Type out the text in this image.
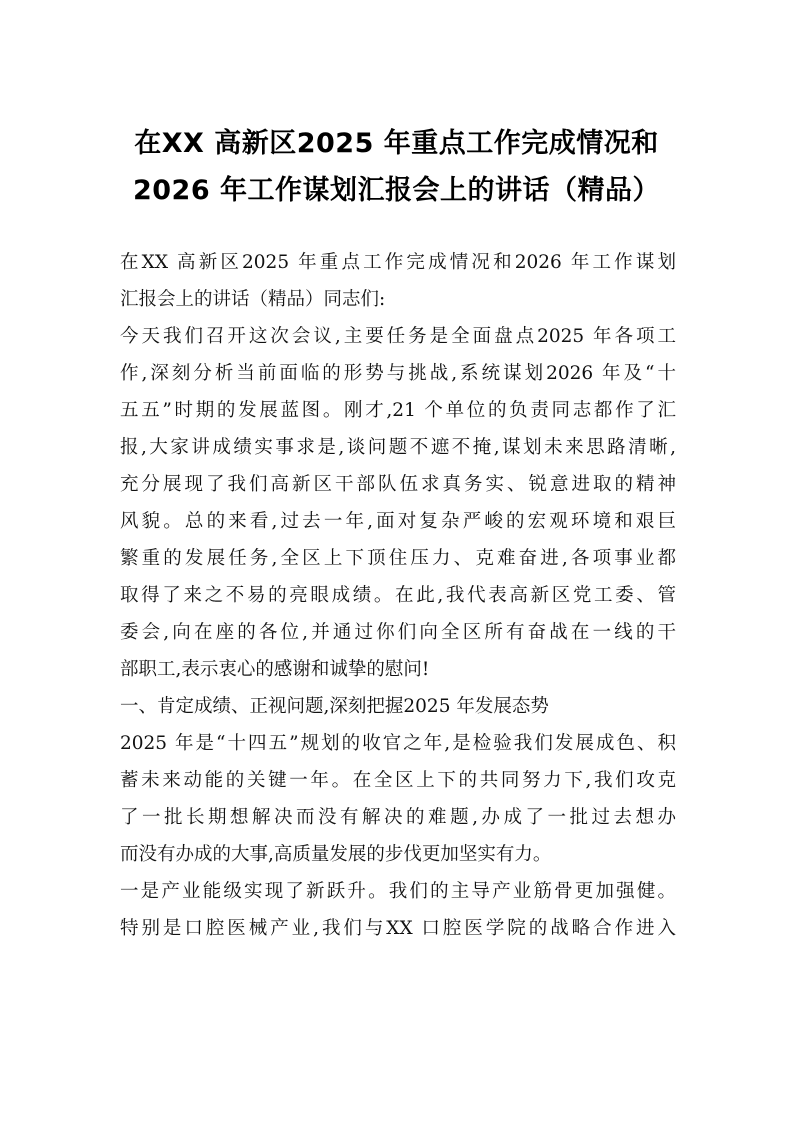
在XX 高新区2025 年重点工作完成情况和
2026 年工作谋划汇报会上的讲话（精品）
在XX 高新区2025 年重点工作完成情况和2026 年工作谋划
汇报会上的讲话（精品）同志们:
今天我们召开这次会议,主要任务是全面盘点2025 年各项工
作,深刻分析当前面临的形势与挑战,系统谋划2026 年及“十
五五”时期的发展蓝图。刚才,21 个单位的负责同志都作了汇
报,大家讲成绩实事求是,谈问题不遮不掩,谋划未来思路清晰,
充分展现了我们高新区干部队伍求真务实、锐意进取的精神
风貌。总的来看,过去一年,面对复杂严峻的宏观环境和艰巨
繁重的发展任务,全区上下顶住压力、克难奋进,各项事业都
取得了来之不易的亮眼成绩。在此,我代表高新区党工委、管
委会,向在座的各位,并通过你们向全区所有奋战在一线的干
部职工,表示衷心的感谢和诚挚的慰问!
一、肯定成绩、正视问题,深刻把握2025 年发展态势
2025 年是“十四五”规划的收官之年,是检验我们发展成色、积
蓄未来动能的关键一年。在全区上下的共同努力下,我们攻克
了一批长期想解决而没有解决的难题,办成了一批过去想办
而没有办成的大事,高质量发展的步伐更加坚实有力。
一是产业能级实现了新跃升。我们的主导产业筋骨更加强健。
特别是口腔医械产业,我们与XX 口腔医学院的战略合作进入
